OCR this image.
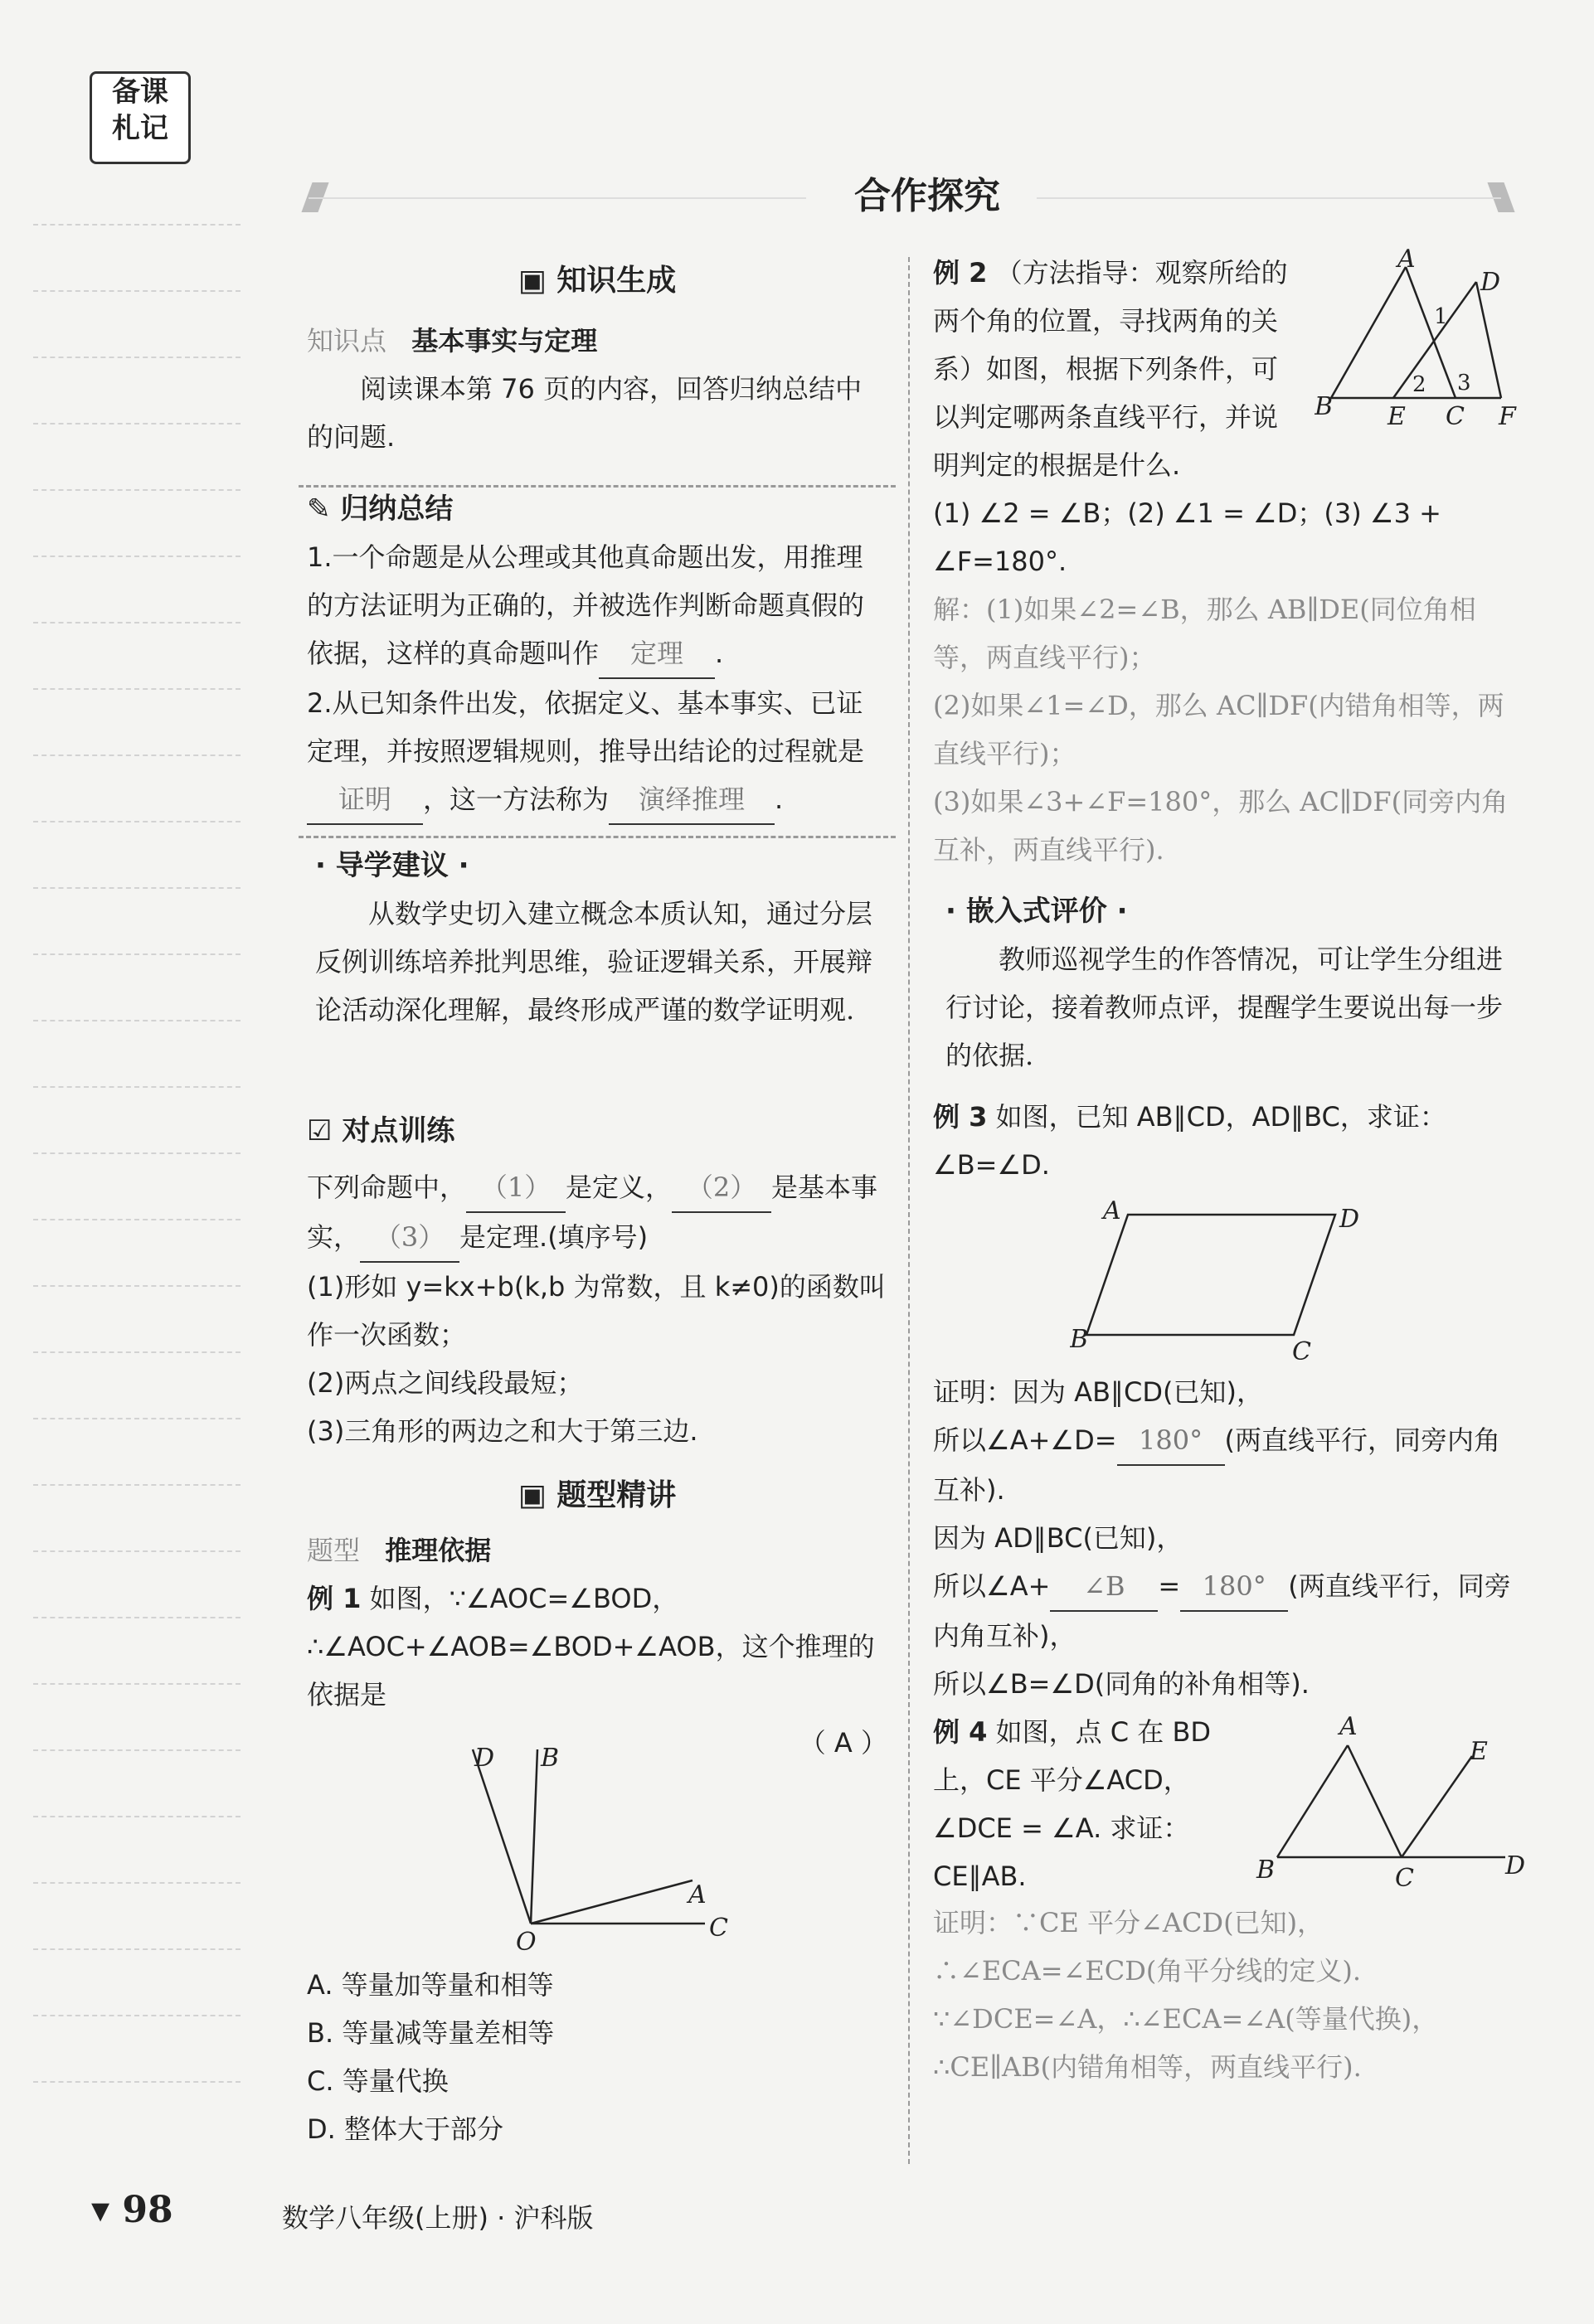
备课
札记
合作探究
▣ 知识生成
知识点 基本事实与定理
阅读课本第 76 页的内容，回答归纳总结中的问题.
✎ 归纳总结
1.一个命题是从公理或其他真命题出发，用推理的方法证明为正确的，并被选作判断命题真假的依据，这样的真命题叫作 定理 .
2.从已知条件出发，依据定义、基本事实、已证定理，并按照逻辑规则，推导出结论的过程就是证明 ，这一方法称为 演绎推理 .
· 导学建议 ·
从数学史切入建立概念本质认知，通过分层反例训练培养批判思维，验证逻辑关系，开展辩论活动深化理解，最终形成严谨的数学证明观.
☑ 对点训练
下列命题中， （1） 是定义， （2） 是基本事实， （3） 是定理.(填序号)
(1)形如 y=kx+b(k,b 为常数，且 k≠0)的函数叫作一次函数；
(2)两点之间线段最短；
(3)三角形的两边之和大于第三边.
▣ 题型精讲
题型 推理依据
例 1 如图，∵∠AOC=∠BOD，∴∠AOC+∠AOB=∠BOD+∠AOB，这个推理的依据是
（ A ）
D B
A
O	C
A. 等量加等量和相等
B. 等量减等量差相等
C. 等量代换
D. 整体大于部分
例 2 （方法指导：观察所给的两个角的位置，寻找两角的关系）如图，根据下列条件，可以判定哪两条直线平行，并说明判定的根据是什么.
A
D
B E C F
1
2 3
(1) ∠2 = ∠B；(2) ∠1 = ∠D；(3) ∠3 + ∠F=180°.
解：(1)如果∠2=∠B，那么 AB∥DE(同位角相等，两直线平行)；
(2)如果∠1=∠D，那么 AC∥DF(内错角相等，两直线平行)；
(3)如果∠3+∠F=180°，那么 AC∥DF(同旁内角互补，两直线平行).
· 嵌入式评价 ·
教师巡视学生的作答情况，可让学生分组进行讨论，接着教师点评，提醒学生要说出每一步的依据.
例 3 如图，已知 AB∥CD，AD∥BC，求证：∠B=∠D.
A	D
B	C
证明：因为 AB∥CD(已知)，
所以∠A+∠D= 180° (两直线平行，同旁内角互补).
因为 AD∥BC(已知)，
所以∠A+ ∠B = 180° (两直线平行，同旁内角互补)，
所以∠B=∠D(同角的补角相等).
例 4 如图，点 C 在 BD 上，CE 平分∠ACD，∠DCE = ∠A. 求证：CE∥AB.
A
E
B	C	D
证明：∵CE 平分∠ACD(已知)，∴∠ECA=∠ECD(角平分线的定义).
∵∠DCE=∠A，∴∠ECA=∠A(等量代换)，
∴CE∥AB(内错角相等，两直线平行).
▾ 98	数学八年级(上册) · 沪科版
